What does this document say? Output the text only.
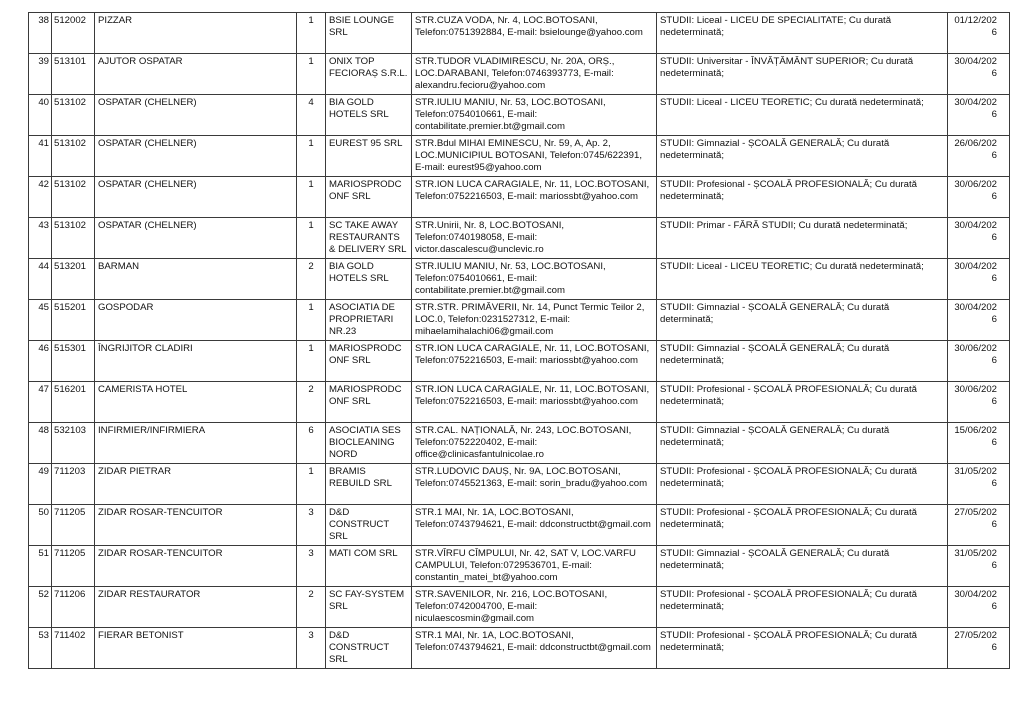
38	512002	PIZZAR	1	BSIE LOUNGE SRL	STR.CUZA VODA, Nr. 4, LOC.BOTOSANI, Telefon:0751392884, E-mail: bsielounge@yahoo.com	STUDII: Liceal - LICEU DE SPECIALITATE; Cu durată nedeterminată;	01/12/2026
39	513101	AJUTOR OSPATAR	1	ONIX TOP FECIORAȘ S.R.L.	STR.TUDOR VLADIMIRESCU, Nr. 20A, ORȘ., LOC.DARABANI, Telefon:0746393773, E-mail: alexandru.fecioru@yahoo.com	STUDII: Universitar - ÎNVĂȚĂMÂNT SUPERIOR; Cu durată nedeterminată;	30/04/2026
40	513102	OSPATAR (CHELNER)	4	BIA GOLD HOTELS SRL	STR.IULIU MANIU, Nr. 53, LOC.BOTOSANI, Telefon:0754010661, E-mail: contabilitate.premier.bt@gmail.com	STUDII: Liceal - LICEU TEORETIC; Cu durată nedeterminată;	30/04/2026
41	513102	OSPATAR (CHELNER)	1	EUREST 95 SRL	STR.Bdul MIHAI EMINESCU, Nr. 59, A, Ap. 2, LOC.MUNICIPIUL BOTOSANI, Telefon:0745/622391, E-mail: eurest95@yahoo.com	STUDII: Gimnazial - ȘCOALĂ GENERALĂ; Cu durată nedeterminată;	26/06/2026
42	513102	OSPATAR (CHELNER)	1	MARIOSPRODCONF SRL	STR.ION LUCA CARAGIALE, Nr. 11, LOC.BOTOSANI, Telefon:0752216503, E-mail: mariossbt@yahoo.com	STUDII: Profesional - ȘCOALĂ PROFESIONALĂ; Cu durată nedeterminată;	30/06/2026
43	513102	OSPATAR (CHELNER)	1	SC TAKE AWAY RESTAURANTS & DELIVERY SRL	STR.Unirii, Nr. 8, LOC.BOTOSANI, Telefon:0740198058, E-mail: victor.dascalescu@unclevic.ro	STUDII: Primar - FĂRĂ STUDII; Cu durată nedeterminată;	30/04/2026
44	513201	BARMAN	2	BIA GOLD HOTELS SRL	STR.IULIU MANIU, Nr. 53, LOC.BOTOSANI, Telefon:0754010661, E-mail: contabilitate.premier.bt@gmail.com	STUDII: Liceal - LICEU TEORETIC; Cu durată nedeterminată;	30/04/2026
45	515201	GOSPODAR	1	ASOCIATIA DE PROPRIETARI NR.23	STR.STR. PRIMĂVERII, Nr. 14, Punct Termic Teilor 2, LOC.0, Telefon:0231527312, E-mail: mihaelamihalachi06@gmail.com	STUDII: Gimnazial - ȘCOALĂ GENERALĂ; Cu durată determinată;	30/04/2026
46	515301	ÎNGRIJITOR CLADIRI	1	MARIOSPRODCONF SRL	STR.ION LUCA CARAGIALE, Nr. 11, LOC.BOTOSANI, Telefon:0752216503, E-mail: mariossbt@yahoo.com	STUDII: Gimnazial - ȘCOALĂ GENERALĂ; Cu durată nedeterminată;	30/06/2026
47	516201	CAMERISTA HOTEL	2	MARIOSPRODCONF SRL	STR.ION LUCA CARAGIALE, Nr. 11, LOC.BOTOSANI, Telefon:0752216503, E-mail: mariossbt@yahoo.com	STUDII: Profesional - ȘCOALĂ PROFESIONALĂ; Cu durată nedeterminată;	30/06/2026
48	532103	INFIRMIER/INFIRMIERA	6	ASOCIATIA SES BIOCLEANING NORD	STR.CAL. NAȚIONALĂ, Nr. 243, LOC.BOTOSANI, Telefon:0752220402, E-mail: office@clinicasfantulnicolae.ro	STUDII: Gimnazial - ȘCOALĂ GENERALĂ; Cu durată nedeterminată;	15/06/2026
49	711203	ZIDAR PIETRAR	1	BRAMIS REBUILD SRL	STR.LUDOVIC DAUȘ, Nr. 9A, LOC.BOTOSANI, Telefon:0745521363, E-mail: sorin_bradu@yahoo.com	STUDII: Profesional - ȘCOALĂ PROFESIONALĂ; Cu durată nedeterminată;	31/05/2026
50	711205	ZIDAR ROSAR-TENCUITOR	3	D&D CONSTRUCT SRL	STR.1 MAI, Nr. 1A, LOC.BOTOSANI, Telefon:0743794621, E-mail: ddconstructbt@gmail.com	STUDII: Profesional - ȘCOALĂ PROFESIONALĂ; Cu durată nedeterminată;	27/05/2026
51	711205	ZIDAR ROSAR-TENCUITOR	3	MATI COM SRL	STR.VÎRFU CÎMPULUI, Nr. 42, SAT V, LOC.VARFU CAMPULUI, Telefon:0729536701, E-mail: constantin_matei_bt@yahoo.com	STUDII: Gimnazial - ȘCOALĂ GENERALĂ; Cu durată nedeterminată;	31/05/2026
52	711206	ZIDAR RESTAURATOR	2	SC FAY-SYSTEM SRL	STR.SAVENILOR, Nr. 216, LOC.BOTOSANI, Telefon:0742004700, E-mail: niculaescosmin@gmail.com	STUDII: Profesional - ȘCOALĂ PROFESIONALĂ; Cu durată nedeterminată;	30/04/2026
53	711402	FIERAR BETONIST	3	D&D CONSTRUCT SRL	STR.1 MAI, Nr. 1A, LOC.BOTOSANI, Telefon:0743794621, E-mail: ddconstructbt@gmail.com	STUDII: Profesional - ȘCOALĂ PROFESIONALĂ; Cu durată nedeterminată;	27/05/2026
